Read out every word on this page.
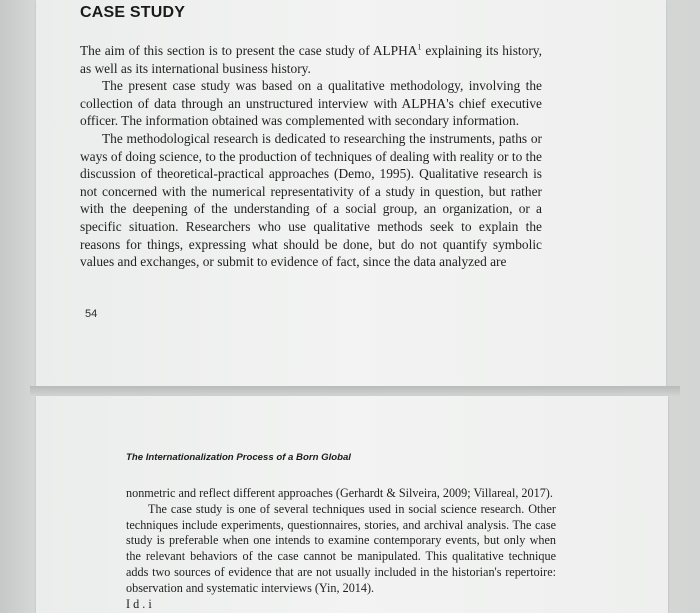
CASE STUDY

The aim of this section is to present the case study of ALPHA$^1$ explaining its history, as well as its international business history.

The present case study was based on a qualitative methodology, involving the collection of data through an unstructured interview with ALPHA's chief executive officer. The information obtained was complemented with secondary information.

The methodological research is dedicated to researching the instruments, paths or ways of doing science, to the production of techniques of dealing with reality or to the discussion of theoretical-practical approaches (Demo, 1995). Qualitative research is not concerned with the numerical representativity of a study in question, but rather with the deepening of the understanding of a social group, an organization, or a specific situation. Researchers who use qualitative methods seek to explain the reasons for things, expressing what should be done, but do not quantify symbolic values and exchanges, or submit to evidence of fact, since the data analyzed are

54
The Internationalization Process of a Born Global

nonmetric and reflect different approaches (Gerhardt & Silveira, 2009; Villareal, 2017).

The case study is one of several techniques used in social science research. Other techniques include experiments, questionnaires, stories, and archival analysis. The case study is preferable when one intends to examine contemporary events, but only when the relevant behaviors of the case cannot be manipulated. This qualitative technique adds two sources of evidence that are not usually included in the historian's repertoire: observation and systematic interviews (Yin, 2014).

I d . i
